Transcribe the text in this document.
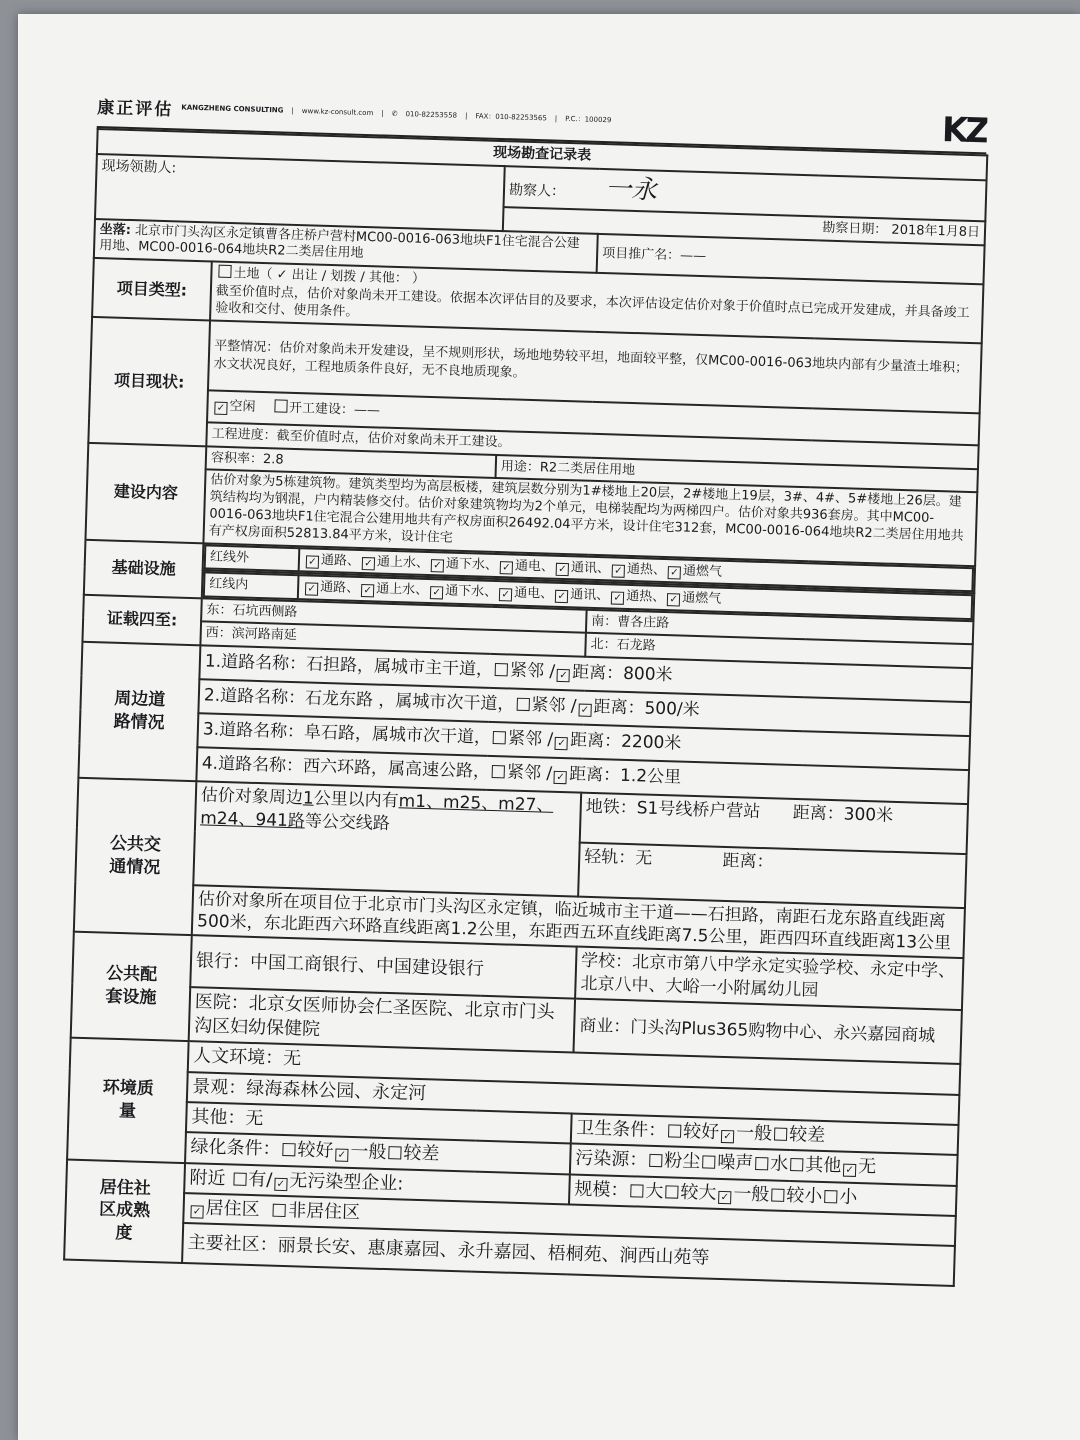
康正评估 KANGZHENG CONSULTING | www.kz-consult.com | ✆ 010-82253558 | FAX：010-82253565 | P.C.：100029	KZ
现场勘查记录表
现场领勘人:	勘察人： 一永
勘察日期： 2018年1月8日
坐落: 北京市门头沟区永定镇曹各庄桥户营村MC00-0016-063地块F1住宅混合公建用地、MC00-0016-064地块R2二类居住用地	项目推广名：——
项目类型:	土地（ ✓ 出让 / 划拨 / 其他： ）
截至价值时点，估价对象尚未开工建设。依据本次评估目的及要求，本次评估设定估价对象于价值时点已完成开发建成，并具备竣工验收和交付、使用条件。
项目现状:	平整情况：估价对象尚未开发建设，呈不规则形状，场地地势较平坦，地面较平整，仅MC00-0016-063地块内部有少量渣土堆积；水文状况良好，工程地质条件良好，无不良地质现象。
✓ 空闲	开工建设：——
工程进度：截至价值时点，估价对象尚未开工建设。
建设内容	容积率：2.8	用途：R2二类居住用地
估价对象为5栋建筑物。建筑类型均为高层板楼，建筑层数分别为1#楼地上20层，2#楼地上19层，3#、4#、5#楼地上26层。建筑结构均为钢混，户内精装修交付。估价对象建筑物均为2个单元，电梯装配均为两梯四户。估价对象共936套房。其中MC00-0016-063地块F1住宅混合公建用地共有产权房面积26492.04平方米，设计住宅312套，MC00-0016-064地块R2二类居住用地共有产权房面积52813.84平方米，设计住宅
基础设施	
红线外	✓ 通路、 ✓ 通上水、 ✓ 通下水、 ✓ 通电、 ✓ 通讯、 ✓ 通热、 ✓ 通燃气

红线内	✓ 通路、 ✓ 通上水、 ✓ 通下水、 ✓ 通电、 ✓ 通讯、 ✓ 通热、 ✓ 通燃气

证载四至:	东：石坑西侧路	南：曹各庄路
西：滨河路南延	北：石龙路
周边道路情况	1.道路名称：石担路，属城市主干道， 紧邻 / ✓ 距离：800米
2.道路名称：石龙东路 ，属城市次干道， 紧邻 / ✓ 距离：500/米
3.道路名称：阜石路，属城市次干道， 紧邻 / ✓ 距离：2200米
4.道路名称：西六环路，属高速公路， 紧邻 / ✓ 距离：1.2公里
公共交通情况	估价对象周边1公里以内有m1、m25、m27、m24、941路等公交线路	地铁：S1号线桥户营站 距离：300米
轻轨：无	距离：
估价对象所在项目位于北京市门头沟区永定镇，临近城市主干道——石担路，南距石龙东路直线距离500米，东北距西六环路直线距离1.2公里，东距西五环直线距离7.5公里，距西四环直线距离13公里
公共配套设施	银行：中国工商银行、中国建设银行	学校：北京市第八中学永定实验学校、永定中学、北京八中、大峪一小附属幼儿园
医院：北京女医师协会仁圣医院、北京市门头沟区妇幼保健院	商业：门头沟Plus365购物中心、永兴嘉园商城
环境质量	人文环境：无
景观：绿海森林公园、永定河
其他：无	卫生条件： 较好 ✓ 一般 较差
绿化条件： 较好 ✓ 一般 较差	污染源： 粉尘 噪声 水 其他 ✓ 无
居住社区成熟度	附近 有/ ✓ 无污染型企业:	规模： 大 较大 ✓ 一般 较小 小
✓ 居住区 非居住区
主要社区：丽景长安、惠康嘉园、永升嘉园、梧桐苑、涧西山苑等
